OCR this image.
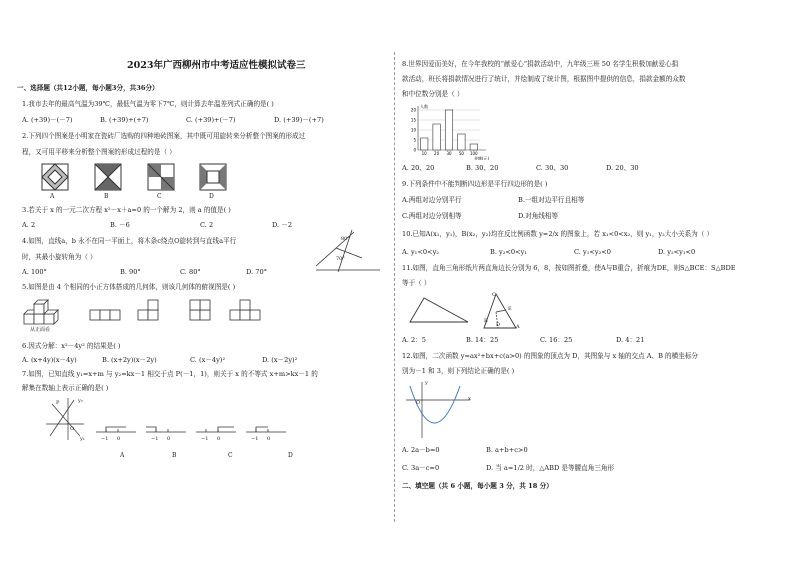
2023年广西柳州市中考适应性模拟试卷三
一、选择题（共12小题，每小题3分，共36分）
1.我市去年的最高气温为39℃，最低气温为零下7℃，则计算去年温差列式正确的是( )
A. (+39)－(－7)	B. (+39)+(+7)	C. (+39)+(－7)	D. (+39)－(+7)
2.下列四个图案是小明家在瓷砖厂选购的四种地砖图案，其中既可用旋转来分析整个图案的形成过
程，又可用平移来分析整个图案的形成过程的是（ ）
A	B	C	D
3.若关于 x 的一元二次方程 x²－x＋a=0 的一个解为 2，则 a 的值是( )
A. 2	B. －6	C. 2	D. －2
4.如图，直线a，b 永不在同一平面上，将木条c绕点O旋转到与直线a平行
时，其最小旋转角为（ ）
A. 100°	B. 90°	C. 80°	D. 70°
80°
70°
5.如图是由 4 个相同的小正方体搭成的几何体，则该几何体的俯视图是( )
从正面看
6.因式分解：x²－4y² 的结果是( )
A. (x+4y)(x－4y)	B. (x+2y)(x－2y)	C. (x－4y)²	D. (x－2y)²
7.如图，已知直线 y₁=x+m 与 y₂=kx－1 相交于点 P(－1，1)，则关于 x 的不等式 x+m>kx－1 的
解集在数轴上表示正确的是( )
P	y₂
y₁
O
−1 0	−1 0	−1 0	−1 0
A	B	C	D
8.世界因爱而美好，在今年我校的“献爱心”捐款活动中，九年级三班 50 名学生积极加献爱心捐
款活动，班长将捐款情况进行了统计，并绘制成了统计图，根据图中提供的信息，捐款金额的众数
和中位数分别是（ ）
20
15
10
5
0
10 20 30 50 100
人数
金额(元)
A. 20、20	B. 30、20	C. 30、30	D. 20、30
9.下列条件中不能判断四边形是平行四边形的是( )
A.两组对边分别平行	B.一组对边平行且相等
C.两组对边分别相等	D.对角线相等
10.已知A(x₁，y₁)，B(x₂，y₂)均在反比例函数 y=2/x 的图象上，若 x₁<0<x₂，则 y₁，y₂大小关系为（ ）
A. y₁<0<y₂	B. y₂<0<y₁	C. y₁<y₂<0	D. y₂<y₁<0
11.如图，直角三角形纸片两直角边长分别为 6，8，按如图折叠，使A与B重合，折痕为DE，则S△BCE：S△BDE
等于（ ）
C
B
A
E
D
A. 2：5	B. 14：25	C. 16：25	D. 4：21
12.如图，二次函数 y=ax²+bx+c(a>0) 的图象的顶点为 D，其图象与 x 轴的交点 A、B 的横坐标分
别为－1 和 3，则下列结论正确的是( )
y
O
x
A. 2a－b=0	B. a+b+c>0
C. 3a－c=0	D. 当 a=1/2 时，△ABD 是等腰直角三角形
二、填空题（共 6 小题，每小题 3 分，共 18 分）
